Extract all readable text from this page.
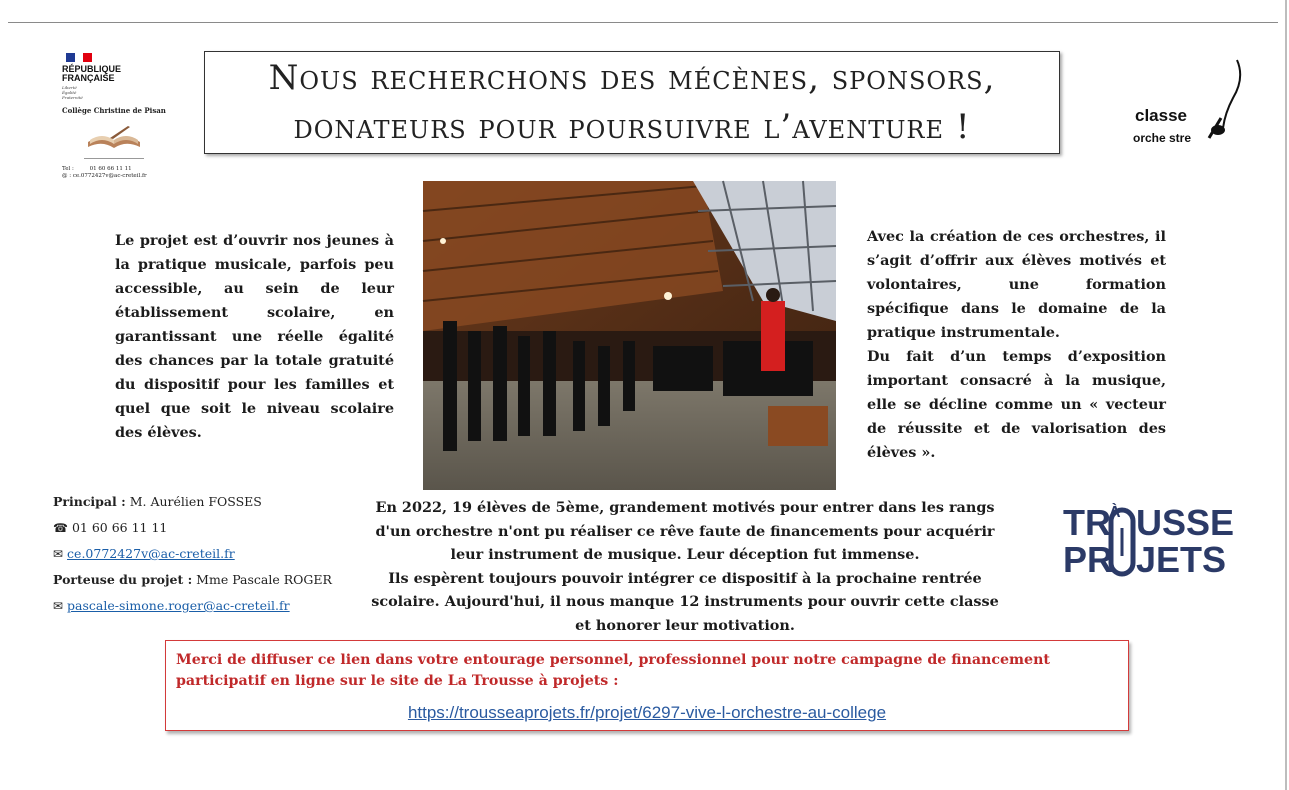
RÉPUBLIQUE
FRANÇAISE
Liberté
Égalité
Fraternité
Collège Christine de Pisan
Tel :	01 60 66 11 11
@ : ce.0772427v@ac-creteil.fr
Nous recherchons des mécènes, sponsors,
donateurs pour poursuivre l’aventure !	classe
orche stre
Le projet est d’ouvrir nos jeunes à la pratique musicale, parfois peu accessible, au sein de leur établissement scolaire, en garantissant une réelle égalité des chances par la totale gratuité du dispositif pour les familles et quel que soit le niveau scolaire des élèves.

Avec la création de ces orchestres, il s’agit d’offrir aux élèves motivés et volontaires, une formation spécifique dans le domaine de la pratique instrumentale.

Du fait d’un temps d’exposition important consacré à la musique, elle se décline comme un « vecteur de réussite et de valorisation des élèves ».

Principal : M. Aurélien FOSSES
☎ 01 60 66 11 11
✉ ce.0772427v@ac-creteil.fr
Porteuse du projet : Mme Pascale ROGER
✉ pascale-simone.roger@ac-creteil.fr
En 2022, 19 élèves de 5ème, grandement motivés pour entrer dans les rangs
d'un orchestre n'ont pu réaliser ce rêve faute de financements pour acquérir
leur instrument de musique. Leur déception fut immense.
Ils espèrent toujours pouvoir intégrer ce dispositif à la prochaine rentrée
scolaire. Aujourd'hui, il nous manque 12 instruments pour ouvrir cette classe
et honorer leur motivation.
TR
À USSE
PR JETS
Merci de diffuser ce lien dans votre entourage personnel, professionnel pour notre campagne de financement participatif en ligne sur le site de La Trousse à projets :
https://trousseaprojets.fr/projet/6297-vive-l-orchestre-au-college
